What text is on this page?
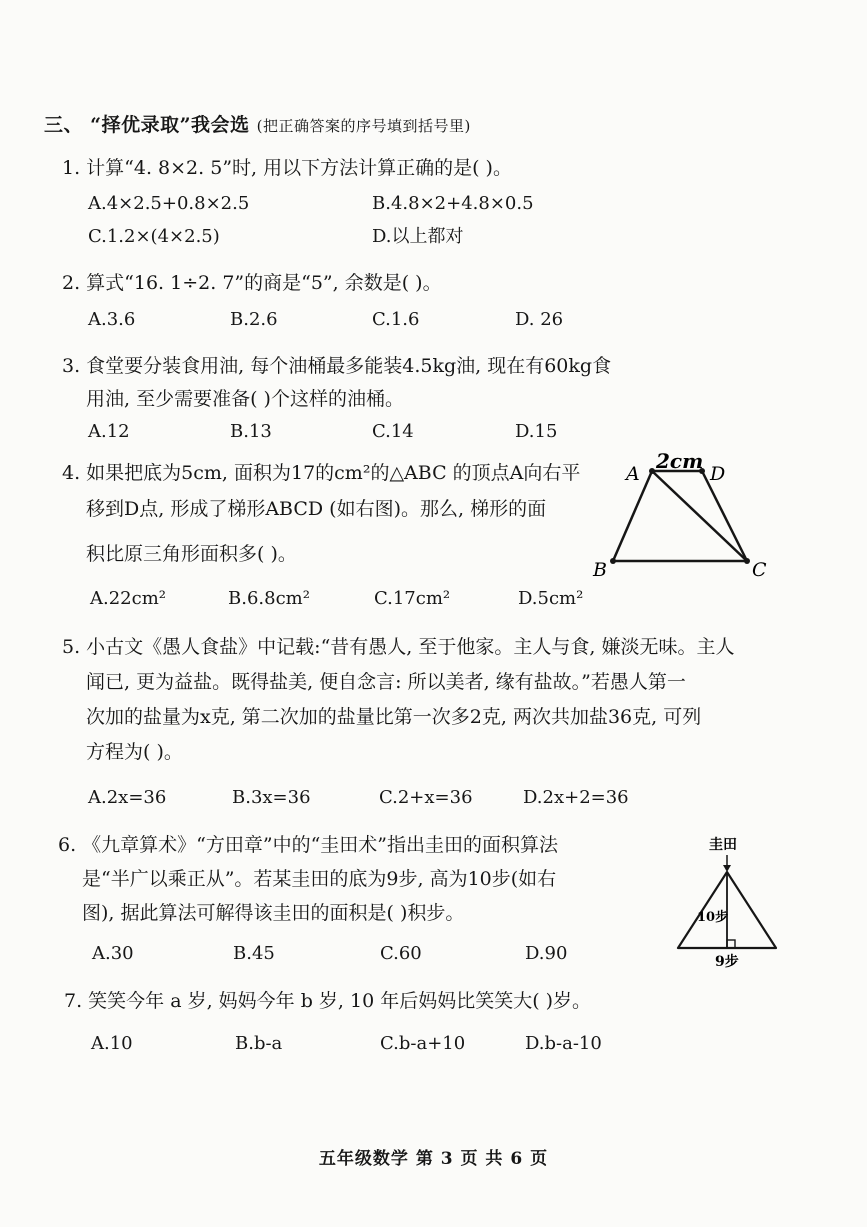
三、 “择优录取”我会选 (把正确答案的序号填到括号里)
1. 计算“4. 8×2. 5”时, 用以下方法计算正确的是( )。
A.4×2.5+0.8×2.5	B.4.8×2+4.8×0.5
C.1.2×(4×2.5)	D.以上都对
2. 算式“16. 1÷2. 7”的商是“5”, 余数是( )。
A.3.6	B.2.6	C.1.6	D. 26
3. 食堂要分装食用油, 每个油桶最多能装4.5kg油, 现在有60kg食
用油, 至少需要准备( )个这样的油桶。
A.12	B.13	C.14	D.15
4. 如果把底为5cm, 面积为17的cm²的△ABC 的顶点A向右平
移到D点, 形成了梯形ABCD (如右图)。那么, 梯形的面
积比原三角形面积多( )。
A.22cm²	B.6.8cm²	C.17cm²	D.5cm²
2cm
A	D
B	C
5. 小古文《愚人食盐》中记载:“昔有愚人, 至于他家。主人与食, 嫌淡无味。主人
闻已, 更为益盐。既得盐美, 便自念言: 所以美者, 缘有盐故。”若愚人第一
次加的盐量为x克, 第二次加的盐量比第一次多2克, 两次共加盐36克, 可列
方程为( )。
A.2x=36	B.3x=36	C.2+x=36	D.2x+2=36
6. 《九章算术》“方田章”中的“圭田术”指出圭田的面积算法
是“半广以乘正从”。若某圭田的底为9步, 高为10步(如右
图), 据此算法可解得该圭田的面积是( )积步。
A.30	B.45	C.60	D.90
圭田
10步
9步
7. 笑笑今年 a 岁, 妈妈今年 b 岁, 10 年后妈妈比笑笑大( )岁。
A.10	B.b-a	C.b-a+10	D.b-a-10
五年级数学 第 3 页 共 6 页
